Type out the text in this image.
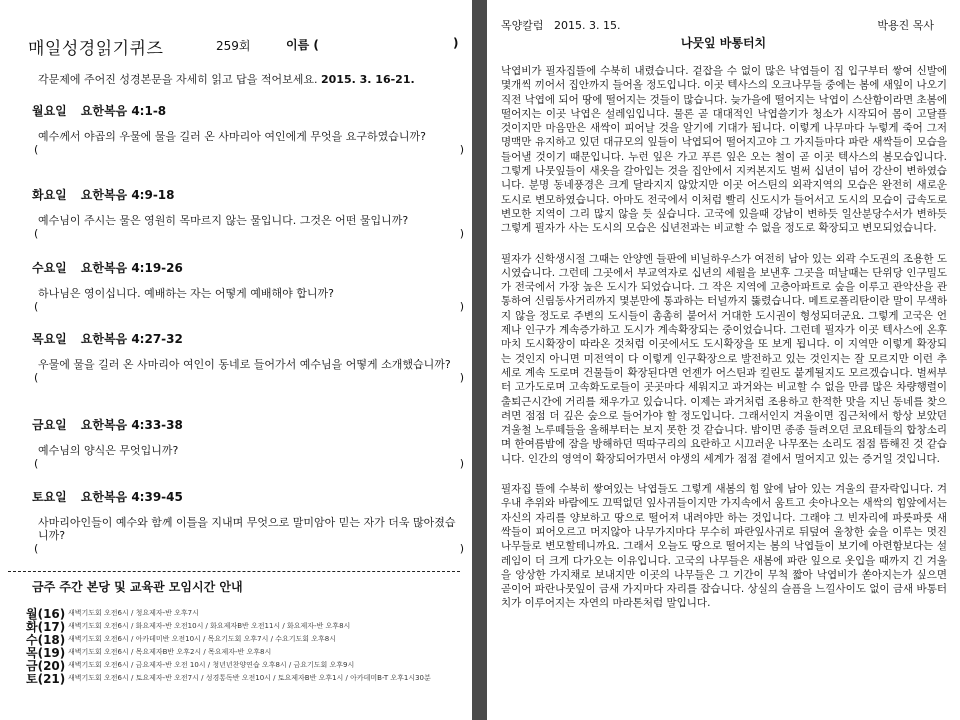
매일성경읽기퀴즈	259회	이름 (	)
각문제에 주어진 성경본문을 자세히 읽고 답을 적어보세요. 2015. 3. 16-21.
월요일 요한복음 4:1-8
예수께서 야곱의 우물에 물을 길러 온 사마리아 여인에게 무엇을 요구하였습니까?
(	)
화요일 요한복음 4:9-18
예수님이 주시는 물은 영원히 목마르지 않는 물입니다. 그것은 어떤 물입니까?
(	)
수요일 요한복음 4:19-26
하나님은 영이십니다. 예배하는 자는 어떻게 예배해야 합니까?
(	)
목요일 요한복음 4:27-32
우물에 물을 길러 온 사마리아 여인이 동네로 들어가서 예수님을 어떻게 소개했습니까?
(	)
금요일 요한복음 4:33-38
예수님의 양식은 무엇입니까?
(	)
토요일 요한복음 4:39-45
사마리아인들이 예수와 함께 이틀을 지내며 무엇으로 말미암아 믿는 자가 더욱 많아졌습니까?
(	)
금주 주간 본당 및 교육관 모임시간 안내
월(16) 새벽기도회 오전6시 / 청요제자-반 오후7시
화(17) 새벽기도회 오전6시 / 화요제자-반 오전10시 / 화요제자B반 오전11시 / 화요제자-반 오후8시
수(18) 새벽기도회 오전6시 / 아카데미반 오전10시 / 목요기도회 오후7시 / 수요기도회 오후8시
목(19) 새벽기도회 오전6시 / 목요제자B반 오후2시 / 목요제자-반 오후8시
금(20) 새벽기도회 오전6시 / 금요제자-반 오전 10시 / 청년년찬양연습 오후8시 / 금요기도회 오후9시
토(21) 새벽기도회 오전6시 / 토요제자-반 오전7시 / 성경통독반 오전10시 / 토요제자B반 오후1시 / 아카데미B-T 오후1시30분
목양칼럼 2015. 3. 15.	박용진 목사
나뭇잎 바통터치

낙엽비가 필자집뜰에 수북히 내렸습니다. 겉잡을 수 없이 많은 낙엽들이 집 입구부터 쌓여 신발에 몇개씩 끼어서 집안까지 들어올 정도입니다. 이곳 텍사스의 오크나무들 중에는 봄에 새잎이 나오기 직전 낙엽에 되어 땅에 떨어지는 것들이 많습니다. 늦가을에 떨어지는 낙엽이 스산함이라면 초봄에 떨어지는 이곳 낙엽은 설레임입니다. 물론 곧 대대적인 낙엽쓸기가 청소가 시작되어 몸이 고달플 것이지만 마음만은 새싹이 피어날 것을 알기에 기대가 됩니다. 이렇게 나무마다 누렇게 죽어 그저 명맥만 유지하고 있던 대규모의 잎들이 낙엽되어 떨어지고야 그 가지들마다 파란 새싹들이 모습을 들어낼 것이기 때문입니다. 누런 잎은 가고 푸른 잎은 오는 철이 곧 이곳 텍사스의 봄모습입니다. 그렇게 나뭇잎들이 새옷을 갈아입는 것을 집안에서 지켜본지도 벌써 십년이 넘어 강산이 변하였습니다. 분명 동네풍경은 크게 달라지지 않았지만 이곳 어스틴의 외곽지역의 모습은 완전히 새로운 도시로 변모하였습니다. 아마도 전국에서 이처럼 빨리 신도시가 들어서고 도시의 모습이 급속도로 변모한 지역이 그리 많지 않을 듯 싶습니다. 고국에 있을때 강남이 변하듯 일산분당수서가 변하듯 그렇게 필자가 사는 도시의 모습은 십년전과는 비교할 수 없을 정도로 확장되고 변모되었습니다.

필자가 신학생시절 그때는 안양엔 들판에 비닐하우스가 여전히 남아 있는 외곽 수도권의 조용한 도시였습니다. 그런데 그곳에서 부교역자로 십년의 세월을 보낸후 그곳을 떠날때는 단위당 인구밀도가 전국에서 가장 높은 도시가 되었습니다. 그 작은 지역에 고층아파트로 숲을 이루고 관악산을 관통하여 신림동사거리까지 몇분만에 통과하는 터널까지 뚫렸습니다. 메트로폴리탄이란 말이 무색하지 않을 정도로 주변의 도시들이 촘촘히 붙어서 거대한 도시권이 형성되더군요. 그렇게 고국은 언제나 인구가 계속증가하고 도시가 계속확장되는 중이었습니다. 그런데 필자가 이곳 텍사스에 온후 마치 도시확장이 따라온 것처럼 이곳에서도 도시확장을 또 보게 됩니다. 이 지역만 이렇게 확장되는 것인지 아니면 미전역이 다 이렇게 인구확장으로 발전하고 있는 것인지는 잘 모르지만 이런 추세로 계속 도로며 건물들이 확장된다면 언젠가 어스틴과 킬린도 붙게될지도 모르겠습니다. 벌써부터 고가도로며 고속화도로들이 곳곳마다 세워지고 과거와는 비교할 수 없을 만큼 많은 차량행렬이 출퇴근시간에 거리를 채우가고 있습니다. 이제는 과거처럼 조용하고 한적한 맛을 지닌 동네를 찾으려면 점점 더 깊은 숲으로 들어가야 할 정도입니다. 그래서인지 겨울이면 집근처에서 항상 보았던 겨울철 노루떼들을 올해부터는 보지 못한 것 같습니다. 밤이면 종종 들려오던 코요테들의 합창소리며 한여름밤에 잠을 방해하던 떡따구리의 요란하고 시끄러운 나무쪼는 소리도 점점 뜸해진 것 같습니다. 인간의 영역이 확장되어가면서 야생의 세계가 점점 곁에서 멀어지고 있는 증거일 것입니다.

필자집 뜰에 수북히 쌓여있는 낙엽들도 그렇게 새봄의 힘 앞에 남아 있는 겨울의 끝자락입니다. 겨우내 추위와 바람에도 끄떡없던 잎사귀들이지만 가지속에서 움트고 솟아나오는 새싹의 힘앞에서는 자신의 자리를 양보하고 땅으로 떨어져 내려야만 하는 것입니다. 그래야 그 빈자리에 파릇파릇 새싹들이 피어오르고 머지않아 나무가지마다 무수히 파란잎사귀로 뒤덮여 울창한 숲을 이루는 멋진 나무들로 변모할테니까요. 그래서 오늘도 땅으로 떨어지는 봄의 낙엽들이 보기에 아련함보다는 설레임이 더 크게 다가오는 이유입니다. 고국의 나무들은 새봄에 파란 잎으로 옷입을 때까지 긴 겨울을 앙상한 가지채로 보내지만 이곳의 나무들은 그 기간이 무척 짧아 낙엽비가 쏟아지는가 싶으면 곧이어 파란나뭇잎이 금새 가지마다 자리를 잡습니다. 상실의 슬픔을 느낄사이도 없이 금새 바통터치가 이루어지는 자연의 마라톤처럼 말입니다.
